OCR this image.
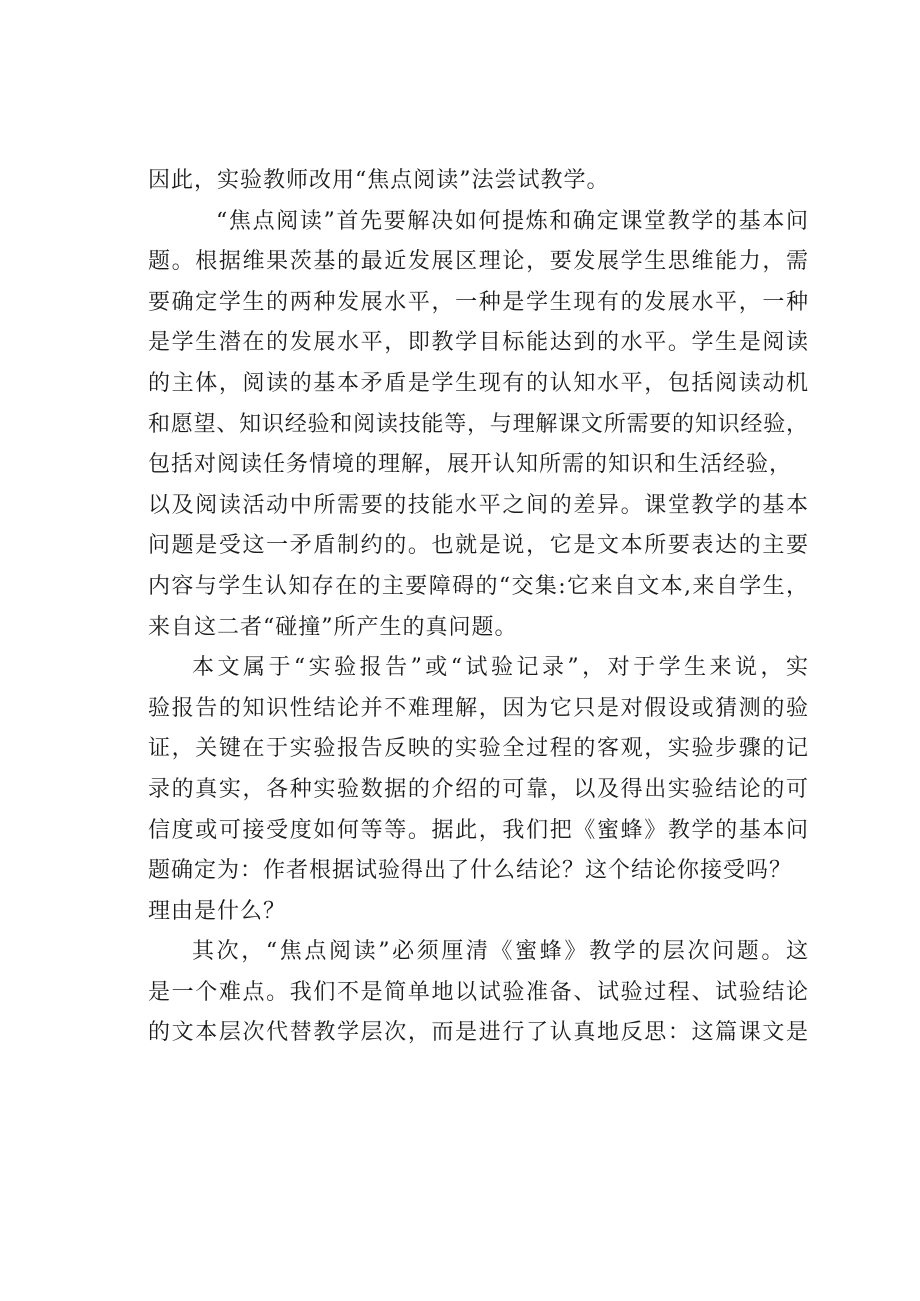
因此，实验教师改用“焦点阅读”法尝试教学。
“焦点阅读”首先要解决如何提炼和确定课堂教学的基本问
题。根据维果茨基的最近发展区理论，要发展学生思维能力，需
要确定学生的两种发展水平，一种是学生现有的发展水平，一种
是学生潜在的发展水平，即教学目标能达到的水平。学生是阅读
的主体，阅读的基本矛盾是学生现有的认知水平，包括阅读动机
和愿望、知识经验和阅读技能等，与理解课文所需要的知识经验，
包括对阅读任务情境的理解，展开认知所需的知识和生活经验，
以及阅读活动中所需要的技能水平之间的差异。课堂教学的基本
问题是受这一矛盾制约的。也就是说，它是文本所要表达的主要
内容与学生认知存在的主要障碍的“交集:它来自文本,来自学生，
来自这二者“碰撞”所产生的真问题。
本文属于“实验报告”或“试验记录”，对于学生来说，实
验报告的知识性结论并不难理解，因为它只是对假设或猜测的验
证，关键在于实验报告反映的实验全过程的客观，实验步骤的记
录的真实，各种实验数据的介绍的可靠，以及得出实验结论的可
信度或可接受度如何等等。据此，我们把《蜜蜂》教学的基本问
题确定为：作者根据试验得出了什么结论？这个结论你接受吗？
理由是什么？
其次，“焦点阅读”必须厘清《蜜蜂》教学的层次问题。这
是一个难点。我们不是简单地以试验准备、试验过程、试验结论
的文本层次代替教学层次，而是进行了认真地反思：这篇课文是
